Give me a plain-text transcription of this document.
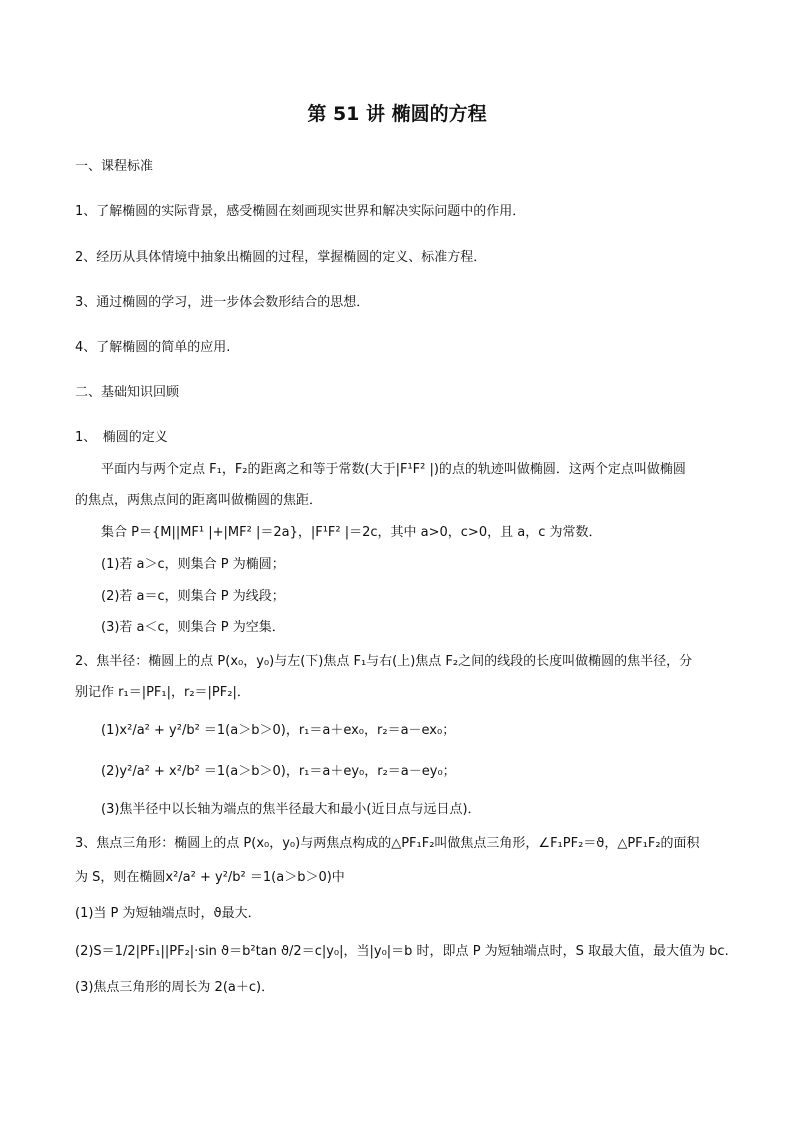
第 51 讲 椭圆的方程
一、课程标准
1、了解椭圆的实际背景，感受椭圆在刻画现实世界和解决实际问题中的作用．
2、经历从具体情境中抽象出椭圆的过程，掌握椭圆的定义、标准方程．
3、通过椭圆的学习，进一步体会数形结合的思想．
4、了解椭圆的简单的应用.
二、基础知识回顾
1、　椭圆的定义
平面内与两个定点 F₁，F₂的距离之和等于常数(大于|F¹F² |)的点的轨迹叫做椭圆．这两个定点叫做椭圆
的焦点，两焦点间的距离叫做椭圆的焦距．
集合 P＝{M||MF¹ |+|MF² |＝2a}，|F¹F² |＝2c，其中 a>0，c>0，且 a，c 为常数．
(1)若 a＞c，则集合 P 为椭圆；
(2)若 a＝c，则集合 P 为线段；
(3)若 a＜c，则集合 P 为空集．
2、焦半径：椭圆上的点 P(x₀，y₀)与左(下)焦点 F₁与右(上)焦点 F₂之间的线段的长度叫做椭圆的焦半径，分
别记作 r₁＝|PF₁|，r₂＝|PF₂|．
(1)x²/a² + y²/b² ＝1(a＞b＞0)，r₁＝a＋ex₀，r₂＝a－ex₀；
(2)y²/a² + x²/b² ＝1(a＞b＞0)，r₁＝a＋ey₀，r₂＝a－ey₀；
(3)焦半径中以长轴为端点的焦半径最大和最小(近日点与远日点)．
3、焦点三角形：椭圆上的点 P(x₀，y₀)与两焦点构成的△PF₁F₂叫做焦点三角形，∠F₁PF₂＝ϑ，△PF₁F₂的面积
为 S，则在椭圆x²/a² + y²/b² ＝1(a＞b＞0)中
(1)当 P 为短轴端点时，ϑ最大．
(2)S＝1/2|PF₁||PF₂|·sin ϑ＝b²tan ϑ/2＝c|y₀|，当|y₀|＝b 时，即点 P 为短轴端点时，S 取最大值，最大值为 bc.
(3)焦点三角形的周长为 2(a＋c)．
